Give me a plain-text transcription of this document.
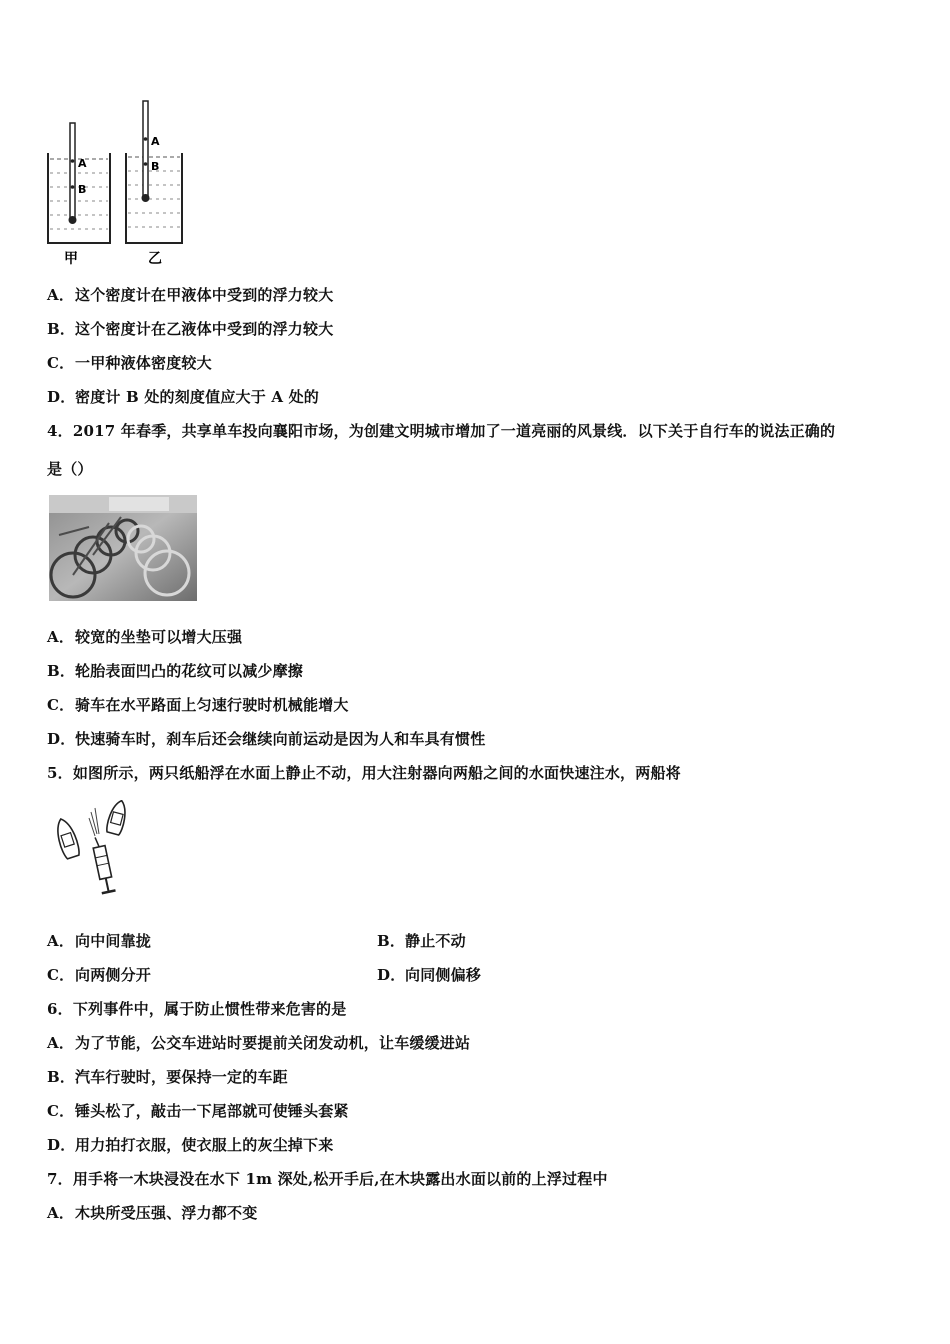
A
B
甲
A
B
乙
A．这个密度计在甲液体中受到的浮力较大
B．这个密度计在乙液体中受到的浮力较大
C．一甲种液体密度较大
D．密度计 B 处的刻度值应大于 A 处的
4．2017 年春季，共享单车投向襄阳市场，为创建文明城市增加了一道亮丽的风景线．以下关于自行车的说法正确的
是（）
A．较宽的坐垫可以增大压强
B．轮胎表面凹凸的花纹可以减少摩擦
C．骑车在水平路面上匀速行驶时机械能增大
D．快速骑车时，刹车后还会继续向前运动是因为人和车具有惯性
5．如图所示，两只纸船浮在水面上静止不动，用大注射器向两船之间的水面快速注水，两船将
A．向中间靠拢	B．静止不动
C．向两侧分开	D．向同侧偏移
6．下列事件中，属于防止惯性带来危害的是
A．为了节能，公交车进站时要提前关闭发动机，让车缓缓进站
B．汽车行驶时，要保持一定的车距
C．锤头松了，敲击一下尾部就可使锤头套紧
D．用力拍打衣服，使衣服上的灰尘掉下来
7．用手将一木块浸没在水下 1m 深处,松开手后,在木块露出水面以前的上浮过程中
A．木块所受压强、浮力都不变
